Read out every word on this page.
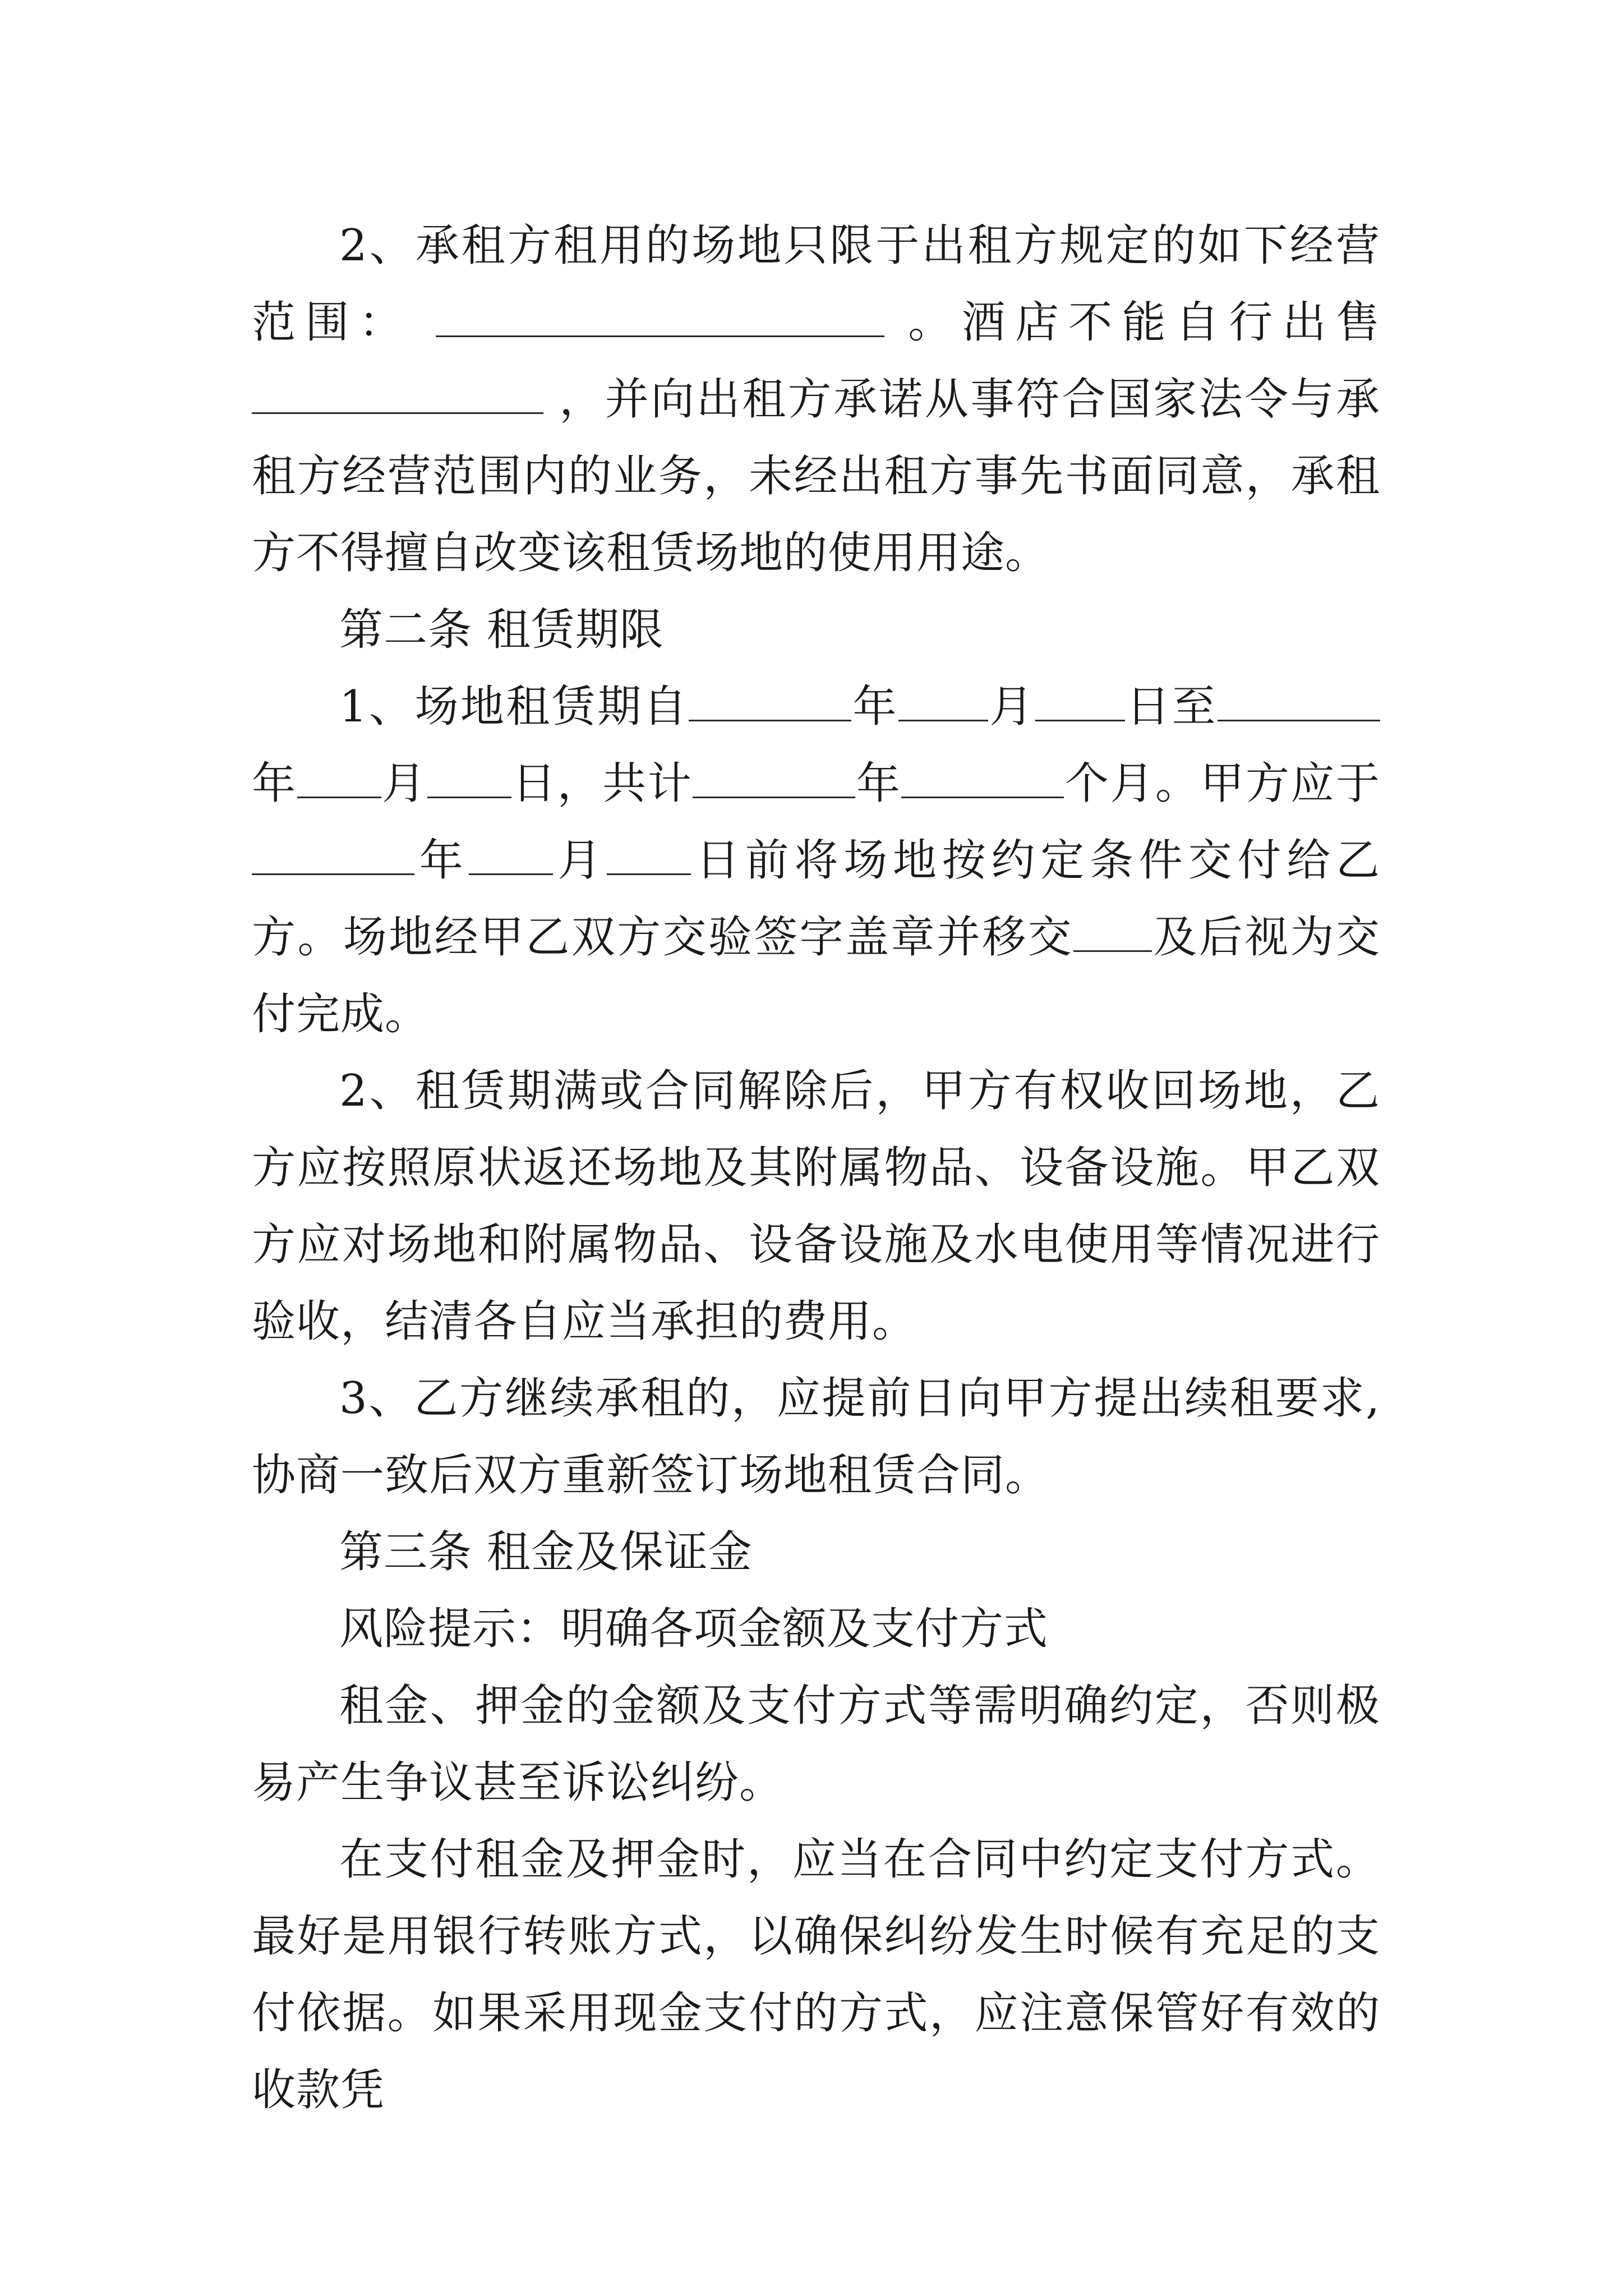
2、承租方租用的场地只限于出租方规定的如下经营范围：	。酒店不能自行出售  ，并向出租方承诺从事符合国家法令与承租方经营范围内的业务，未经出租方事先书面同意，承租方不得擅自改变该租赁场地的使用用途。

第二条 租赁期限

1、场地租赁期自	年 月 日至年 月 日，共计	年	个月。甲方应于年 月 日前将场地按约定条件交付给乙方。场地经甲乙双方交验签字盖章并移交 及后视为交付完成。

2、租赁期满或合同解除后，甲方有权收回场地，乙方应按照原状返还场地及其附属物品、设备设施。甲乙双方应对场地和附属物品、设备设施及水电使用等情况进行验收，结清各自应当承担的费用。

3、乙方继续承租的，应提前日向甲方提出续租要求,协商一致后双方重新签订场地租赁合同。

第三条 租金及保证金

风险提示：明确各项金额及支付方式

租金、押金的金额及支付方式等需明确约定，否则极易产生争议甚至诉讼纠纷。

在支付租金及押金时，应当在合同中约定支付方式。最好是用银行转账方式，以确保纠纷发生时候有充足的支付依据。如果采用现金支付的方式，应注意保管好有效的收款凭
